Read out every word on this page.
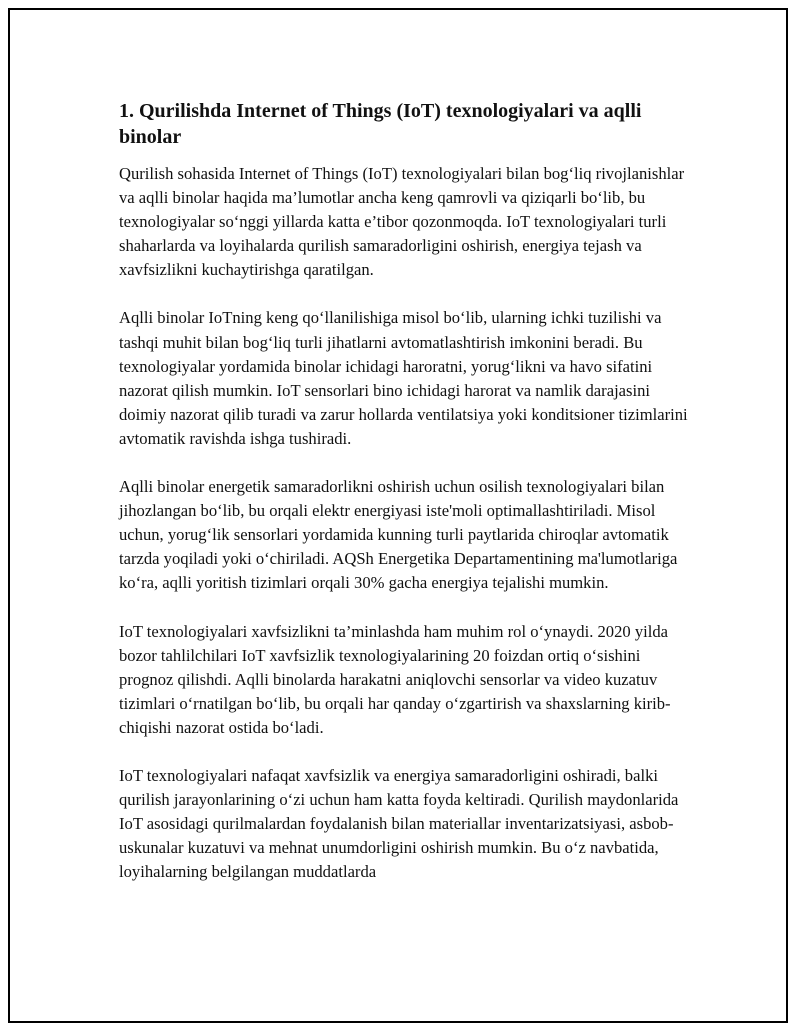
1. Qurilishda Internet of Things (IoT) texnologiyalari va aqlli binolar

Qurilish sohasida Internet of Things (IoT) texnologiyalari bilan bog‘liq rivojlanishlar va aqlli binolar haqida ma’lumotlar ancha keng qamrovli va qiziqarli bo‘lib, bu texnologiyalar so‘nggi yillarda katta e’tibor qozonmoqda. IoT texnologiyalari turli shaharlarda va loyihalarda qurilish samaradorligini oshirish, energiya tejash va xavfsizlikni kuchaytirishga qaratilgan.

Aqlli binolar IoTning keng qo‘llanilishiga misol bo‘lib, ularning ichki tuzilishi va tashqi muhit bilan bog‘liq turli jihatlarni avtomatlashtirish imkonini beradi. Bu texnologiyalar yordamida binolar ichidagi haroratni, yorug‘likni va havo sifatini nazorat qilish mumkin. IoT sensorlari bino ichidagi harorat va namlik darajasini doimiy nazorat qilib turadi va zarur hollarda ventilatsiya yoki konditsioner tizimlarini avtomatik ravishda ishga tushiradi.

Aqlli binolar energetik samaradorlikni oshirish uchun osilish texnologiyalari bilan jihozlangan bo‘lib, bu orqali elektr energiyasi iste'moli optimallashtiriladi. Misol uchun, yorug‘lik sensorlari yordamida kunning turli paytlarida chiroqlar avtomatik tarzda yoqiladi yoki o‘chiriladi. AQSh Energetika Departamentining ma'lumotlariga ko‘ra, aqlli yoritish tizimlari orqali 30% gacha energiya tejalishi mumkin.

IoT texnologiyalari xavfsizlikni ta’minlashda ham muhim rol o‘ynaydi. 2020 yilda bozor tahlilchilari IoT xavfsizlik texnologiyalarining 20 foizdan ortiq o‘sishini prognoz qilishdi. Aqlli binolarda harakatni aniqlovchi sensorlar va video kuzatuv tizimlari o‘rnatilgan bo‘lib, bu orqali har qanday o‘zgartirish va shaxslarning kirib-chiqishi nazorat ostida bo‘ladi.

IoT texnologiyalari nafaqat xavfsizlik va energiya samaradorligini oshiradi, balki qurilish jarayonlarining o‘zi uchun ham katta foyda keltiradi. Qurilish maydonlarida IoT asosidagi qurilmalardan foydalanish bilan materiallar inventarizatsiyasi, asbob-uskunalar kuzatuvi va mehnat unumdorligini oshirish mumkin. Bu o‘z navbatida, loyihalarning belgilangan muddatlarda
